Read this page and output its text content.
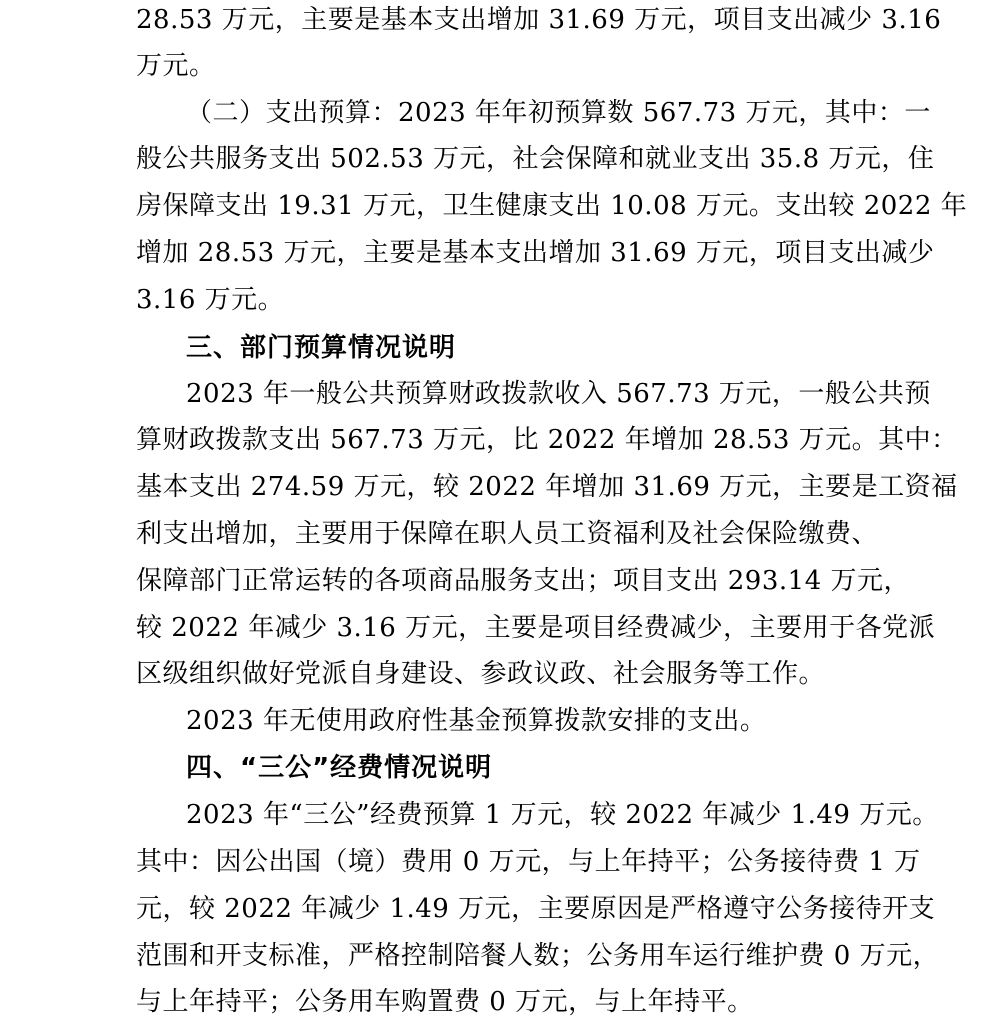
28.53 万元，主要是基本支出增加 31.69 万元，项目支出减少 3.16
万元。
（二）支出预算：2023 年年初预算数 567.73 万元，其中：一
般公共服务支出 502.53 万元，社会保障和就业支出 35.8 万元，住
房保障支出 19.31 万元，卫生健康支出 10.08 万元。支出较 2022 年
增加 28.53 万元，主要是基本支出增加 31.69 万元，项目支出减少
3.16 万元。
三、部门预算情况说明
2023 年一般公共预算财政拨款收入 567.73 万元，一般公共预
算财政拨款支出 567.73 万元，比 2022 年增加 28.53 万元。其中：
基本支出 274.59 万元，较 2022 年增加 31.69 万元，主要是工资福
利支出增加，主要用于保障在职人员工资福利及社会保险缴费、
保障部门正常运转的各项商品服务支出；项目支出 293.14 万元，
较 2022 年减少 3.16 万元，主要是项目经费减少，主要用于各党派
区级组织做好党派自身建设、参政议政、社会服务等工作。
2023 年无使用政府性基金预算拨款安排的支出。
四、“三公”经费情况说明
2023 年“三公”经费预算 1 万元，较 2022 年减少 1.49 万元。
其中：因公出国（境）费用 0 万元，与上年持平；公务接待费 1 万
元，较 2022 年减少 1.49 万元，主要原因是严格遵守公务接待开支
范围和开支标准，严格控制陪餐人数；公务用车运行维护费 0 万元，
与上年持平；公务用车购置费 0 万元，与上年持平。
